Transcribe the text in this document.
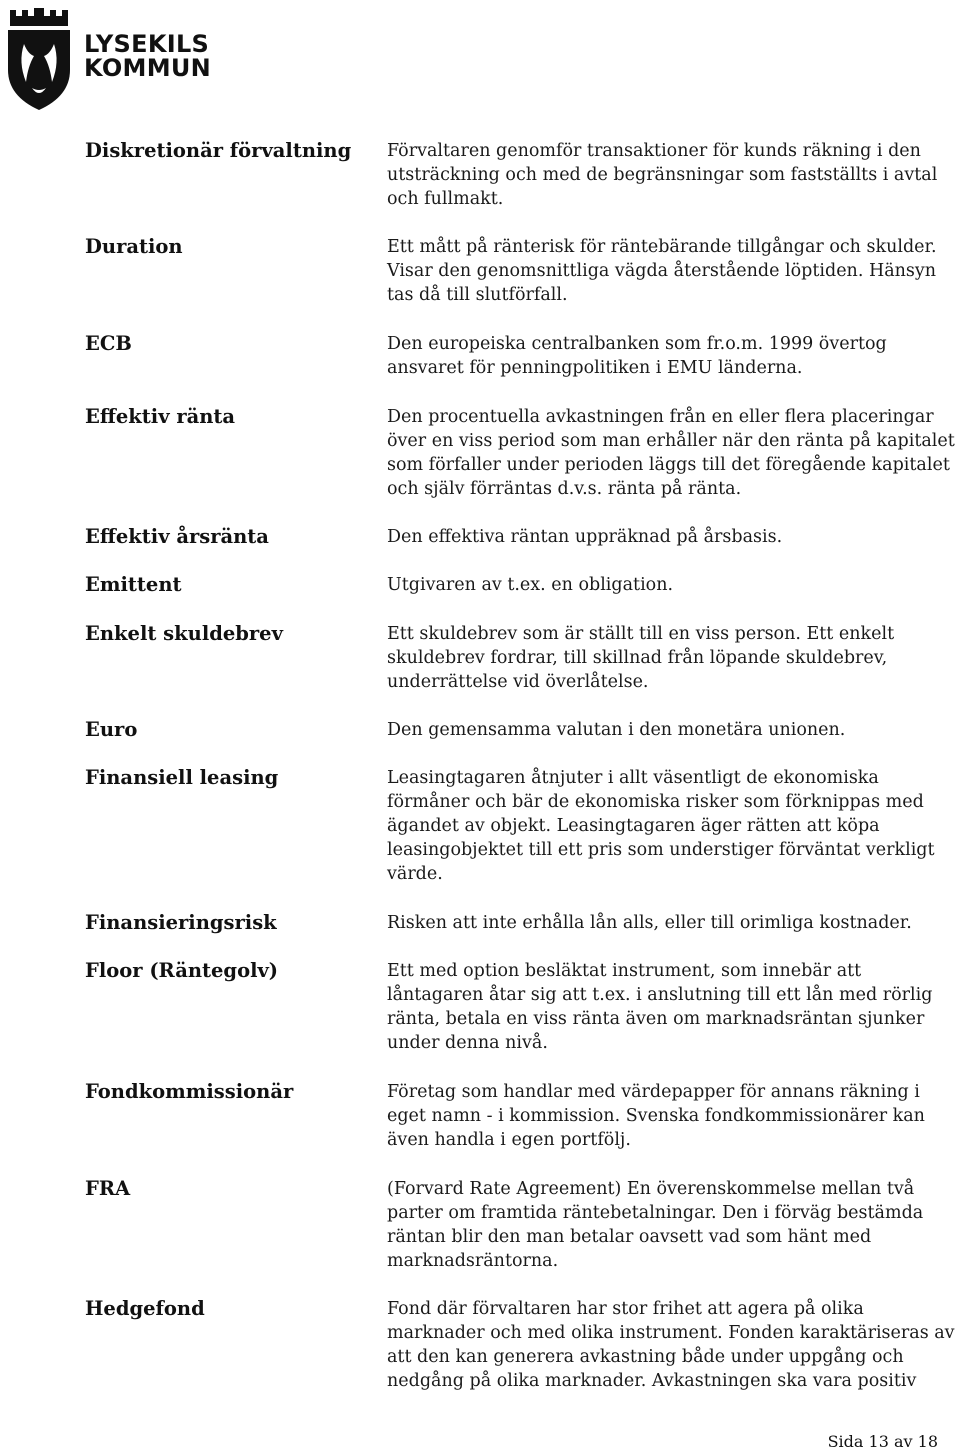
LYSEKILS
KOMMUN
Diskretionär förvaltning	Förvaltaren genomför transaktioner för kunds räkning i den utsträckning och med de begränsningar som fastställts i avtal och fullmakt.
Duration	Ett mått på ränterisk för räntebärande tillgångar och skulder. Visar den genomsnittliga vägda återstående löptiden. Hänsyn tas då till slutförfall.
ECB	Den europeiska centralbanken som fr.o.m. 1999 övertog ansvaret för penningpolitiken i EMU länderna.
Effektiv ränta	Den procentuella avkastningen från en eller flera placeringar över en viss period som man erhåller när den ränta på kapitalet som förfaller under perioden läggs till det föregående kapitalet och själv förräntas d.v.s. ränta på ränta.
Effektiv årsränta	Den effektiva räntan uppräknad på årsbasis.
Emittent	Utgivaren av t.ex. en obligation.
Enkelt skuldebrev	Ett skuldebrev som är ställt till en viss person. Ett enkelt skuldebrev fordrar, till skillnad från löpande skuldebrev, underrättelse vid överlåtelse.
Euro	Den gemensamma valutan i den monetära unionen.
Finansiell leasing	Leasingtagaren åtnjuter i allt väsentligt de ekonomiska förmåner och bär de ekonomiska risker som förknippas med ägandet av objekt. Leasingtagaren äger rätten att köpa leasingobjektet till ett pris som understiger förväntat verkligt värde.
Finansieringsrisk	Risken att inte erhålla lån alls, eller till orimliga kostnader.
Floor (Räntegolv)	Ett med option besläktat instrument, som innebär att låntagaren åtar sig att t.ex. i anslutning till ett lån med rörlig ränta, betala en viss ränta även om marknadsräntan sjunker under denna nivå.
Fondkommissionär	Företag som handlar med värdepapper för annans räkning i eget namn - i kommission. Svenska fondkommissionärer kan även handla i egen portfölj.
FRA	(Forvard Rate Agreement) En överenskommelse mellan två parter om framtida räntebetalningar. Den i förväg bestämda räntan blir den man betalar oavsett vad som hänt med marknadsräntorna.
Hedgefond	Fond där förvaltaren har stor frihet att agera på olika marknader och med olika instrument. Fonden karaktäriseras av att den kan generera avkastning både under uppgång och nedgång på olika marknader. Avkastningen ska vara positiv
Sida 13 av 18
